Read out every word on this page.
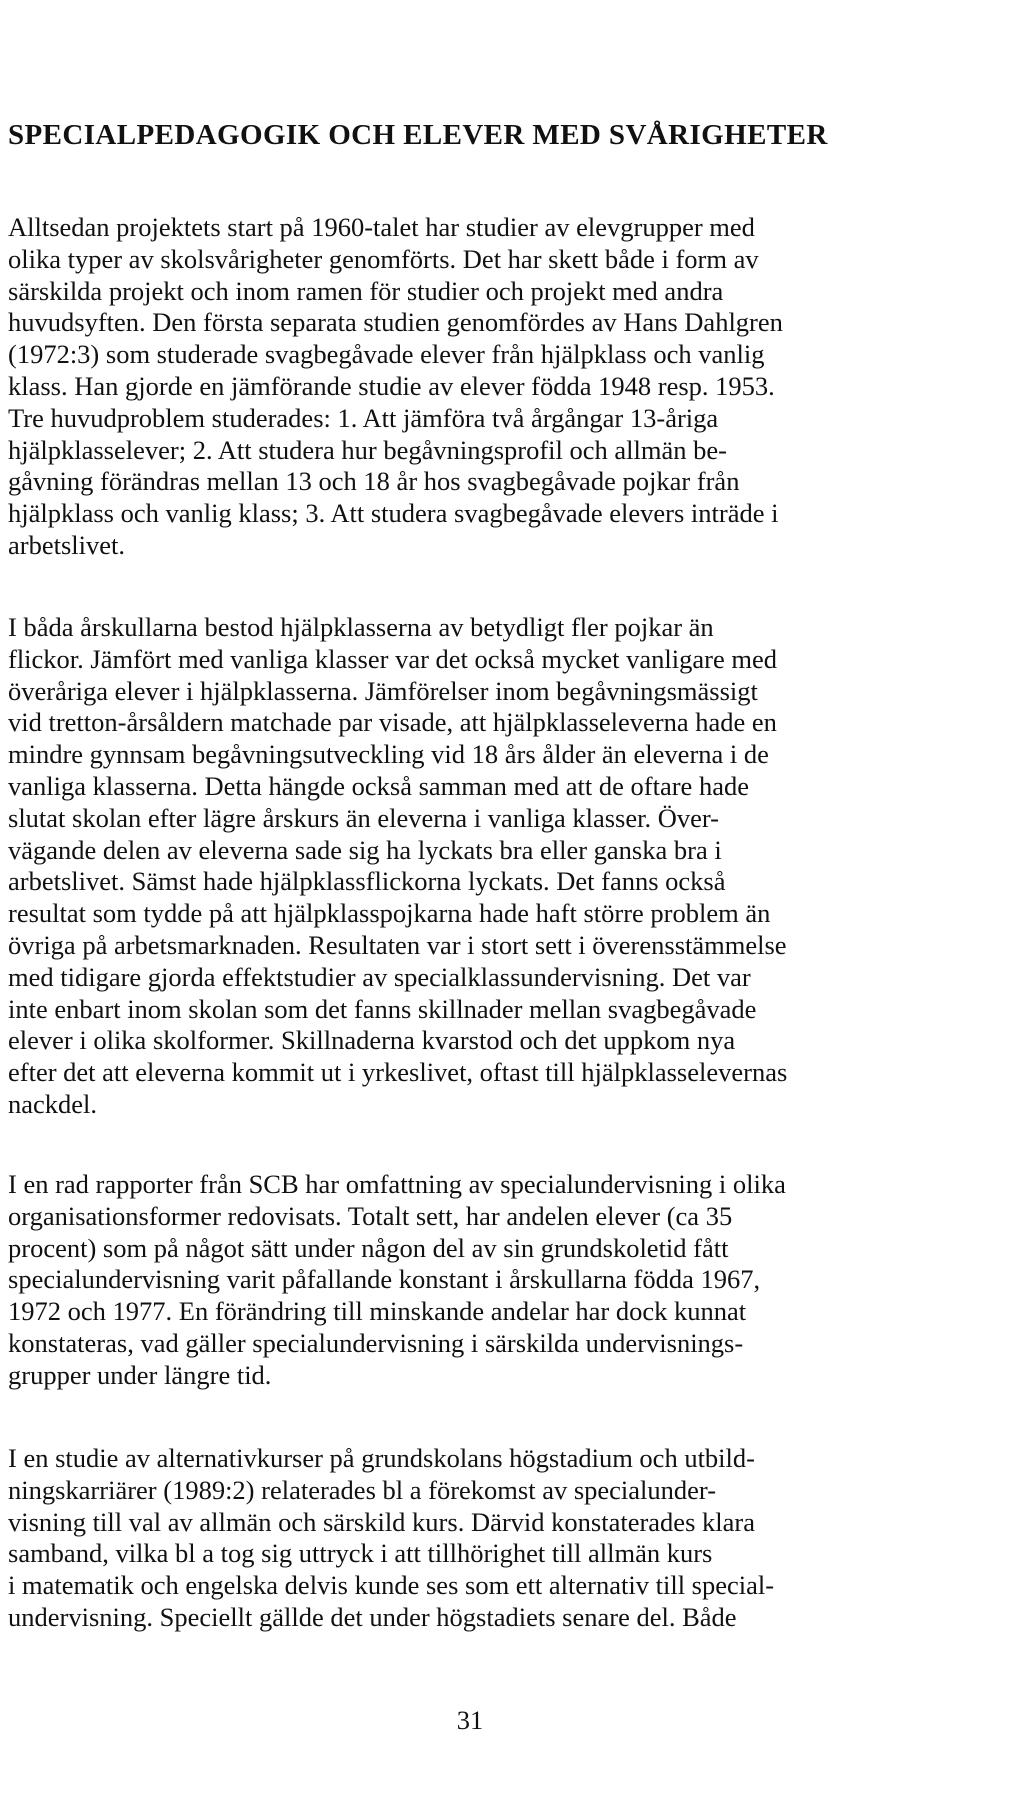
SPECIALPEDAGOGIK OCH ELEVER MED SVÅRIGHETER

Alltsedan projektets start på 1960-talet har studier av elevgrupper med
olika typer av skolsvårigheter genomförts. Det har skett både i form av
särskilda projekt och inom ramen för studier och projekt med andra
huvudsyften. Den första separata studien genomfördes av Hans Dahlgren
(1972:3) som studerade svagbegåvade elever från hjälpklass och vanlig
klass. Han gjorde en jämförande studie av elever födda 1948 resp. 1953.
Tre huvudproblem studerades: 1. Att jämföra två årgångar 13-åriga
hjälpklasselever; 2. Att studera hur begåvningsprofil och allmän be-
gåvning förändras mellan 13 och 18 år hos svagbegåvade pojkar från
hjälpklass och vanlig klass; 3. Att studera svagbegåvade elevers inträde i
arbetslivet.

I båda årskullarna bestod hjälpklasserna av betydligt fler pojkar än
flickor. Jämfört med vanliga klasser var det också mycket vanligare med
överåriga elever i hjälpklasserna. Jämförelser inom begåvningsmässigt
vid tretton-årsåldern matchade par visade, att hjälpklasseleverna hade en
mindre gynnsam begåvningsutveckling vid 18 års ålder än eleverna i de
vanliga klasserna. Detta hängde också samman med att de oftare hade
slutat skolan efter lägre årskurs än eleverna i vanliga klasser. Över-
vägande delen av eleverna sade sig ha lyckats bra eller ganska bra i
arbetslivet. Sämst hade hjälpklassflickorna lyckats. Det fanns också
resultat som tydde på att hjälpklasspojkarna hade haft större problem än
övriga på arbetsmarknaden. Resultaten var i stort sett i överensstämmelse
med tidigare gjorda effektstudier av specialklassundervisning. Det var
inte enbart inom skolan som det fanns skillnader mellan svagbegåvade
elever i olika skolformer. Skillnaderna kvarstod och det uppkom nya
efter det att eleverna kommit ut i yrkeslivet, oftast till hjälpklasselevernas
nackdel.

I en rad rapporter från SCB har omfattning av specialundervisning i olika
organisationsformer redovisats. Totalt sett, har andelen elever (ca 35
procent) som på något sätt under någon del av sin grundskoletid fått
specialundervisning varit påfallande konstant i årskullarna födda 1967,
1972 och 1977. En förändring till minskande andelar har dock kunnat
konstateras, vad gäller specialundervisning i särskilda undervisnings-
grupper under längre tid.

I en studie av alternativkurser på grundskolans högstadium och utbild-
ningskarriärer (1989:2) relaterades bl a förekomst av specialunder-
visning till val av allmän och särskild kurs. Därvid konstaterades klara
samband, vilka bl a tog sig uttryck i att tillhörighet till allmän kurs
i matematik och engelska delvis kunde ses som ett alternativ till special-
undervisning. Speciellt gällde det under högstadiets senare del. Både

31
